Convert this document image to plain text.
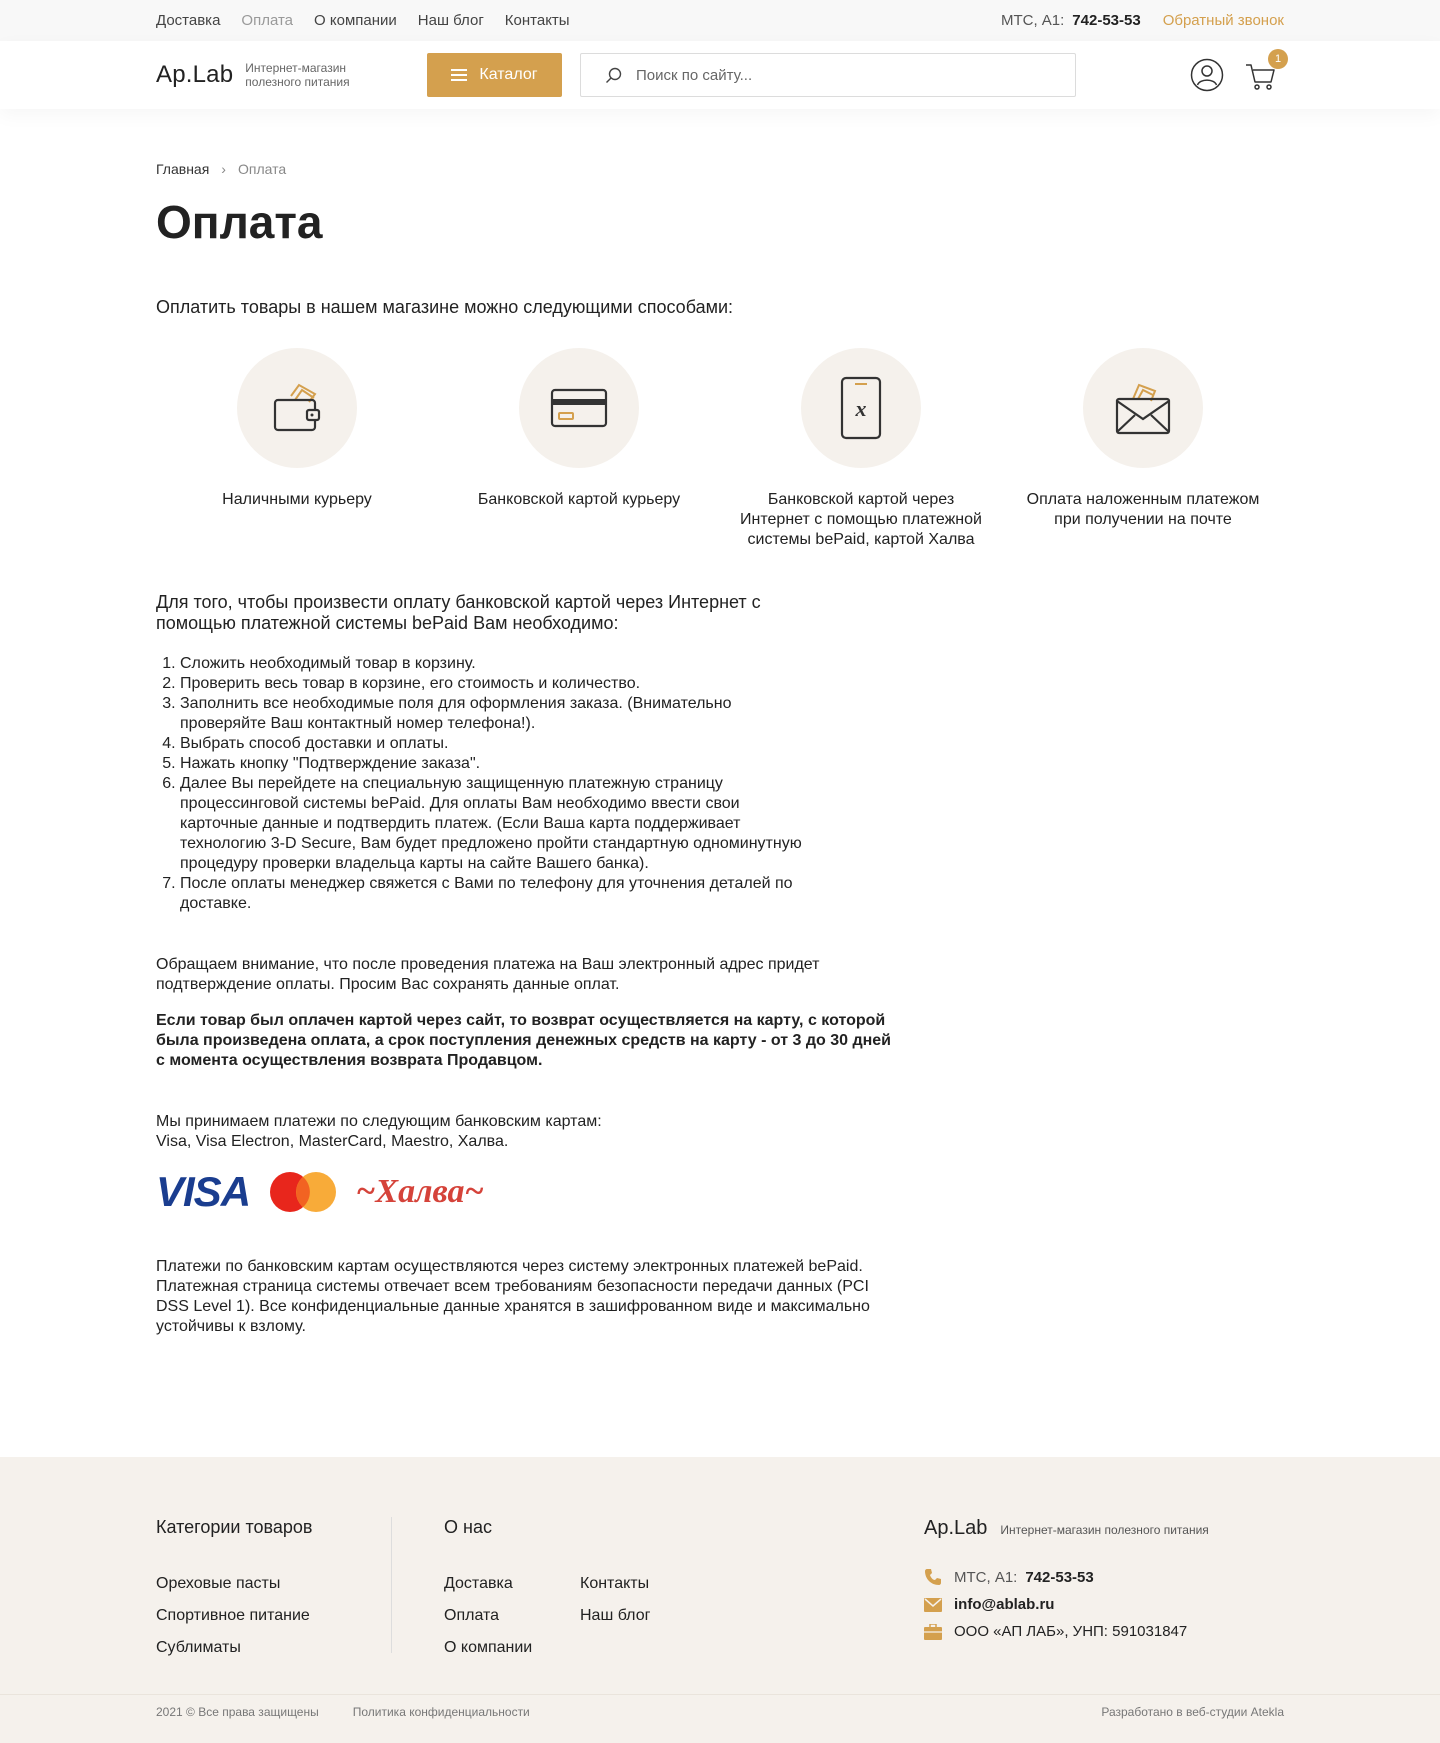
Доставка Оплата О компании Наш блог Контакты	МТС, А1: 742-53-53 Обратный звонок
Ap.Lab Интернет-магазин полезного питания	Каталог
Поиск по сайту...
1
Главная › Оплата
Оплата

Оплатить товары в нашем магазине можно следующими способами:

Наличными курьеру	Банковской картой курьеру
x
Банковской картой через Интернет с помощью платежной системы bePaid, картой Халва
Оплата наложенным платежом при получении на почте

Для того, чтобы произвести оплату банковской картой через Интернет с помощью платежной системы bePaid Вам необходимо:

1. Сложить необходимый товар в корзину.
2. Проверить весь товар в корзине, его стоимость и количество.
3. Заполнить все необходимые поля для оформления заказа. (Внимательно проверяйте Ваш контактный номер телефона!).
4. Выбрать способ доставки и оплаты.
5. Нажать кнопку "Подтверждение заказа".
6. Далее Вы перейдете на специальную защищенную платежную страницу процессинговой системы bePaid. Для оплаты Вам необходимо ввести свои карточные данные и подтвердить платеж. (Если Ваша карта поддерживает технологию 3-D Secure, Вам будет предложено пройти стандартную одноминутную процедуру проверки владельца карты на сайте Вашего банка).
7. После оплаты менеджер свяжется с Вами по телефону для уточнения деталей по доставке.

Обращаем внимание, что после проведения платежа на Ваш электронный адрес придет подтверждение оплаты. Просим Вас сохранять данные оплат.

Если товар был оплачен картой через сайт, то возврат осуществляется на карту, с которой была произведена оплата, а срок поступления денежных средств на карту - от 3 до 30 дней с момента осуществления возврата Продавцом.

Мы принимаем платежи по следующим банковским картам:

Visa, Visa Electron, MasterCard, Maestro, Халва.

VISA	~Халва~

Платежи по банковским картам осуществляются через систему электронных платежей bePaid. Платежная страница системы отвечает всем требованиям безопасности передачи данных (PCI DSS Level 1). Все конфиденциальные данные хранятся в зашифрованном виде и максимально устойчивы к взлому.

Категории товаров
Ореховые пасты
Спортивное питание
Сублиматы
О нас
Доставка	Контакты
Оплата	Наш блог
О компании
Ap.Lab Интернет-магазин полезного питания
МТС, А1: 742-53-53
info@ablab.ru
ООО «АП ЛАБ», УНП: 591031847
2021 © Все права защищены	Политика конфиденциальности	Разработано в веб-студии Atekla
